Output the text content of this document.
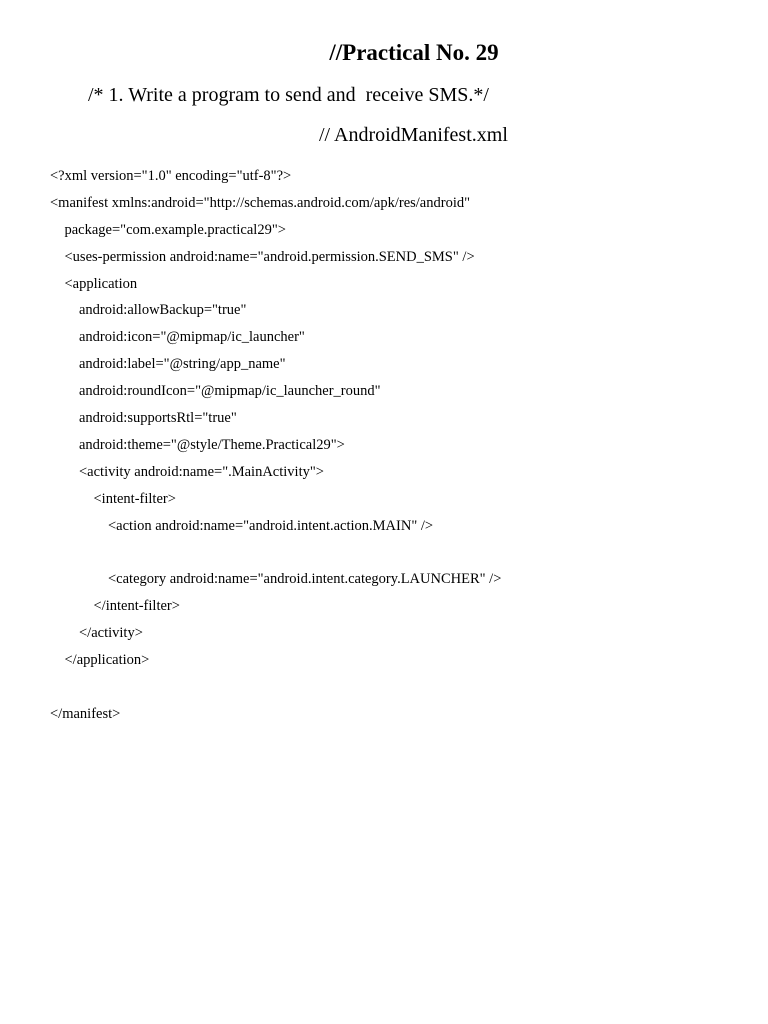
//Practical No. 29
/* 1. Write a program to send and  receive SMS.*/
// AndroidManifest.xml
<?xml version="1.0" encoding="utf-8"?>
<manifest xmlns:android="http://schemas.android.com/apk/res/android"
package="com.example.practical29">
<uses-permission android:name="android.permission.SEND_SMS" />
<application
android:allowBackup="true"
android:icon="@mipmap/ic_launcher"
android:label="@string/app_name"
android:roundIcon="@mipmap/ic_launcher_round"
android:supportsRtl="true"
android:theme="@style/Theme.Practical29">
<activity android:name=".MainActivity">
<intent-filter>
<action android:name="android.intent.action.MAIN" />
<category android:name="android.intent.category.LAUNCHER" />
</intent-filter>
</activity>
</application>
</manifest>
